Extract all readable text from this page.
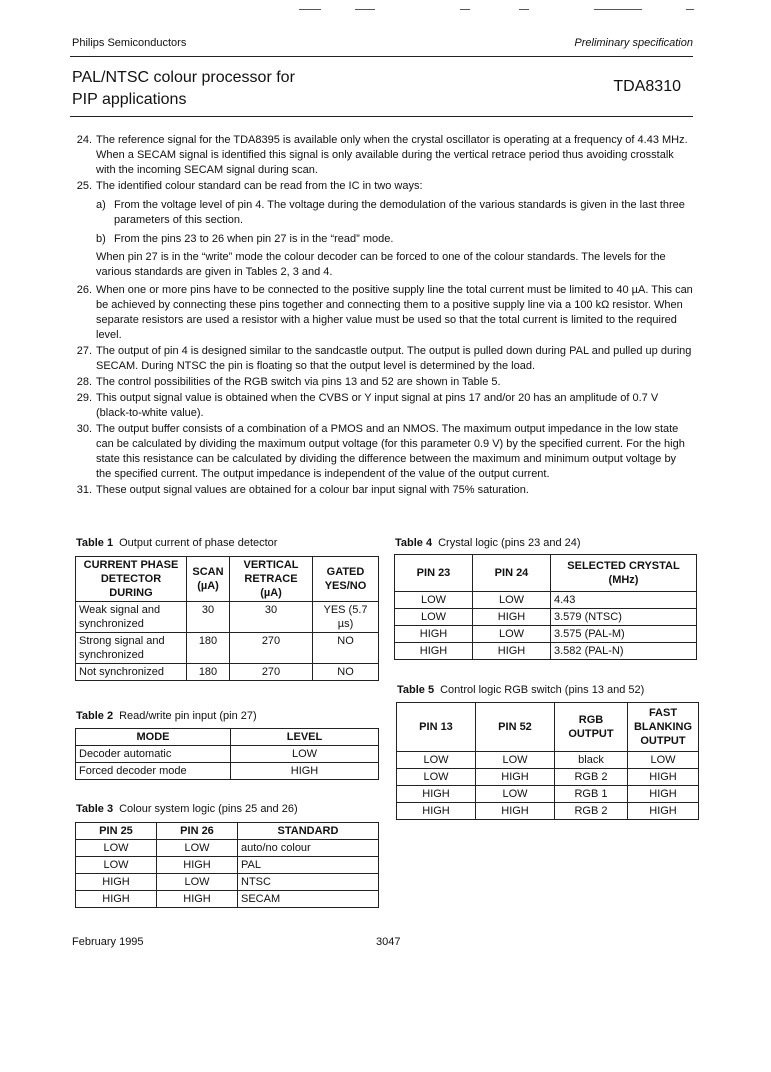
Philips Semiconductors	Preliminary specification
PAL/NTSC colour processor for
PIP applications
TDA8310
24. The reference signal for the TDA8395 is available only when the crystal oscillator is operating at a frequency of 4.43 MHz. When a SECAM signal is identified this signal is only available during the vertical retrace period thus avoiding crosstalk with the incoming SECAM signal during scan.
25. The identified colour standard can be read from the IC in two ways:
a) From the voltage level of pin 4. The voltage during the demodulation of the various standards is given in the last three parameters of this section.
b) From the pins 23 to 26 when pin 27 is in the “read” mode.
When pin 27 is in the “write” mode the colour decoder can be forced to one of the colour standards. The levels for the various standards are given in Tables 2, 3 and 4.
26. When one or more pins have to be connected to the positive supply line the total current must be limited to 40 µA. This can be achieved by connecting these pins together and connecting them to a positive supply line via a 100 kΩ resistor. When separate resistors are used a resistor with a higher value must be used so that the total current is limited to the required level.
27. The output of pin 4 is designed similar to the sandcastle output. The output is pulled down during PAL and pulled up during SECAM. During NTSC the pin is floating so that the output level is determined by the load.
28. The control possibilities of the RGB switch via pins 13 and 52 are shown in Table 5.
29. This output signal value is obtained when the CVBS or Y input signal at pins 17 and/or 20 has an amplitude of 0.7 V (black-to-white value).
30. The output buffer consists of a combination of a PMOS and an NMOS. The maximum output impedance in the low state can be calculated by dividing the maximum output voltage (for this parameter 0.9 V) by the specified current. For the high state this resistance can be calculated by dividing the difference between the maximum and minimum output voltage by the specified current. The output impedance is independent of the value of the output current.
31. These output signal values are obtained for a colour bar input signal with 75% saturation.
Table 1 Output current of phase detector
CURRENT PHASE DETECTOR DURING	SCAN (µA)	VERTICAL RETRACE (µA)	GATED YES/NO
Weak signal and synchronized	30	30	YES (5.7 µs)
Strong signal and synchronized	180	270	NO
Not synchronized	180	270	NO
Table 2 Read/write pin input (pin 27)
MODE	LEVEL
Decoder automatic	LOW
Forced decoder mode	HIGH
Table 3 Colour system logic (pins 25 and 26)
PIN 25	PIN 26	STANDARD
LOW	LOW	auto/no colour
LOW	HIGH	PAL
HIGH	LOW	NTSC
HIGH	HIGH	SECAM
Table 4 Crystal logic (pins 23 and 24)
PIN 23	PIN 24	SELECTED CRYSTAL (MHz)
LOW	LOW	4.43
LOW	HIGH	3.579 (NTSC)
HIGH	LOW	3.575 (PAL-M)
HIGH	HIGH	3.582 (PAL-N)
Table 5 Control logic RGB switch (pins 13 and 52)
PIN 13	PIN 52	RGB OUTPUT	FAST BLANKING OUTPUT
LOW	LOW	black	LOW
LOW	HIGH	RGB 2	HIGH
HIGH	LOW	RGB 1	HIGH
HIGH	HIGH	RGB 2	HIGH
February 1995	3047
